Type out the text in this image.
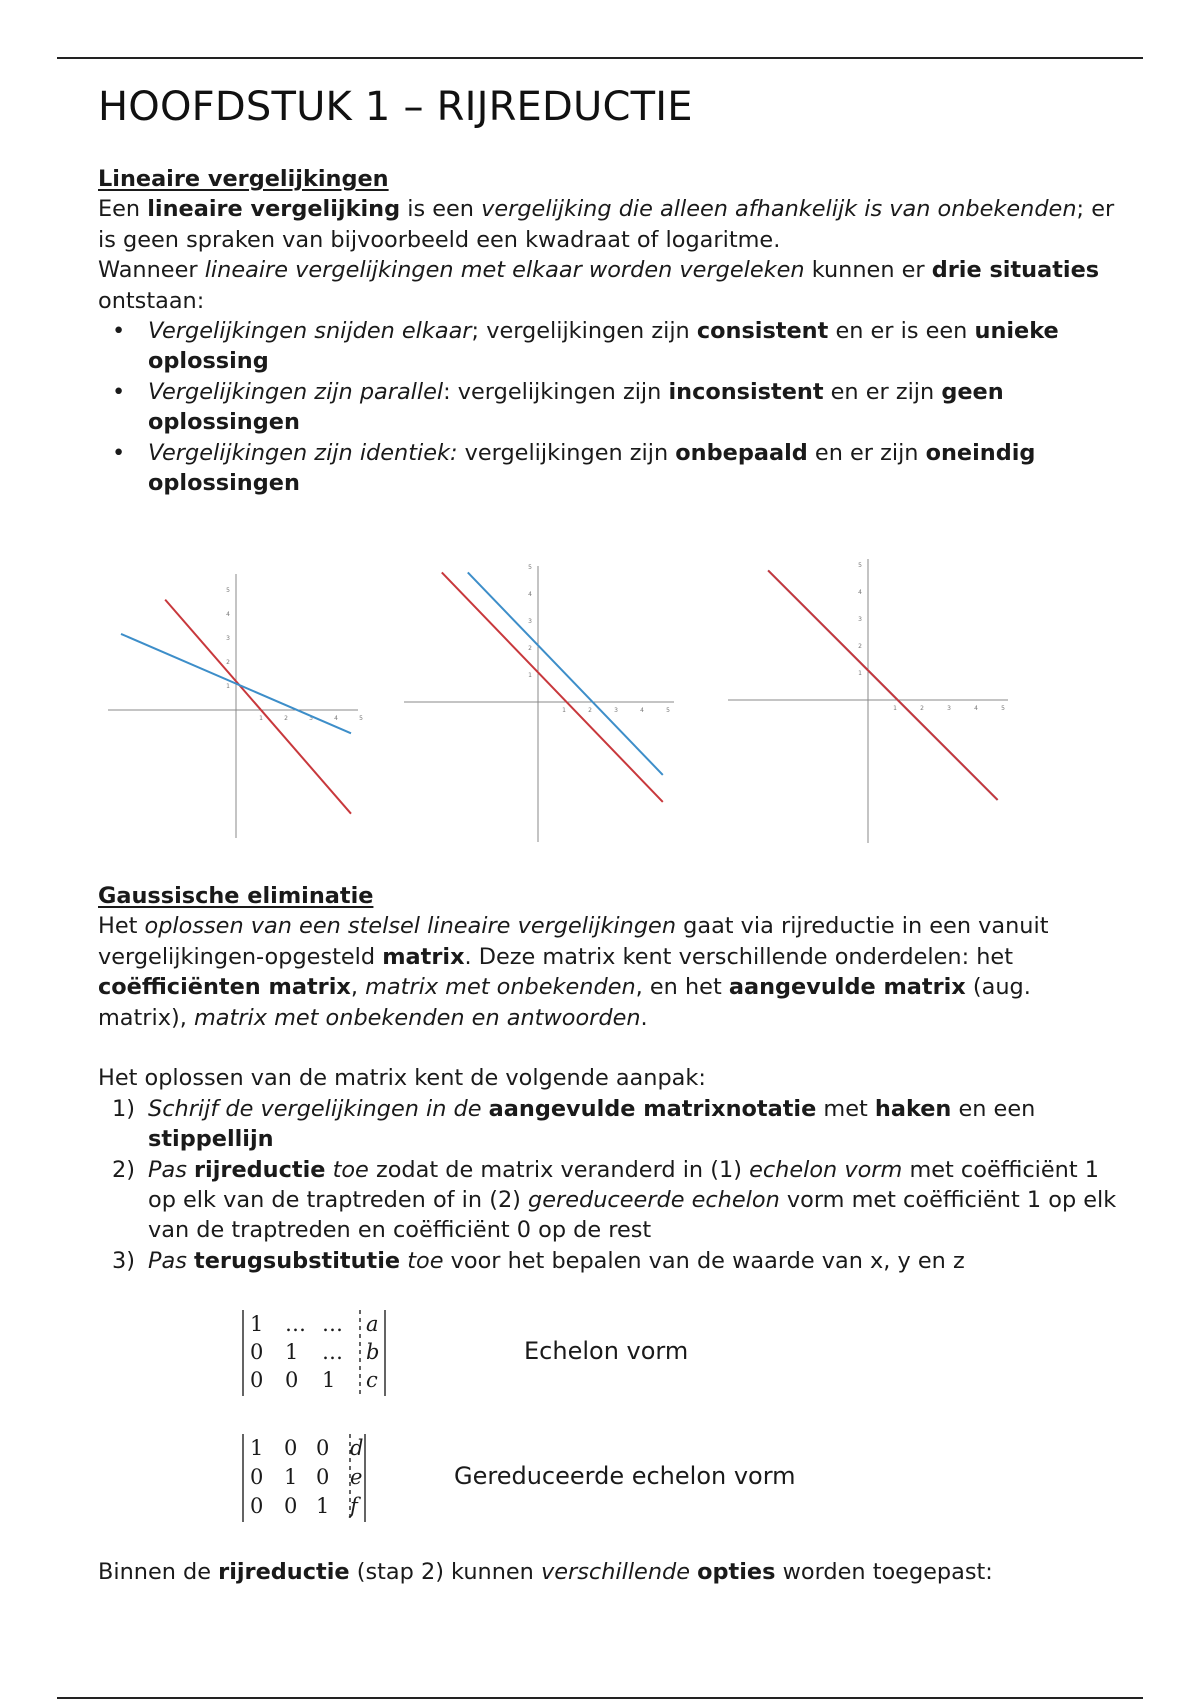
HOOFDSTUK 1 – RIJREDUCTIE
Lineaire vergelijkingen

Een lineaire vergelijking is een vergelijking die alleen afhankelijk is van onbekenden; er is geen spraken van bijvoorbeeld een kwadraat of logaritme.

Wanneer lineaire vergelijkingen met elkaar worden vergeleken kunnen er drie situaties ontstaan:

• Vergelijkingen snijden elkaar; vergelijkingen zijn consistent en er is een unieke oplossing
• Vergelijkingen zijn parallel: vergelijkingen zijn inconsistent en er zijn geen oplossingen
• Vergelijkingen zijn identiek: vergelijkingen zijn onbepaald en er zijn oneindig oplossingen
1
1
2
2
3
3
4
4
5
5
1
1
2
2
3
3
4
4
5
5
1
1
2
2
3
3
4
4
5
5
Gaussische eliminatie

Het oplossen van een stelsel lineaire vergelijkingen gaat via rijreductie in een vanuit vergelijkingen-opgesteld matrix. Deze matrix kent verschillende onderdelen: het coëfficiënten matrix, matrix met onbekenden, en het aangevulde matrix (aug. matrix), matrix met onbekenden en antwoorden.

Het oplossen van de matrix kent de volgende aanpak:

1) Schrijf de vergelijkingen in de aangevulde matrixnotatie met haken en een stippellijn
2) Pas rijreductie toe zodat de matrix veranderd in (1) echelon vorm met coëfficiënt 1 op elk van de traptreden of in (2) gereduceerde echelon vorm met coëfficiënt 1 op elk van de traptreden en coëfficiënt 0 op de rest
3) Pas terugsubstitutie toe voor het bepalen van de waarde van x, y en z
1 … … a
0 1 … b
0 0 1 c
Echelon vorm
1 0 0 d
0 1 0 e
0 0 1 f
Gereduceerde echelon vorm

Binnen de rijreductie (stap 2) kunnen verschillende opties worden toegepast:
